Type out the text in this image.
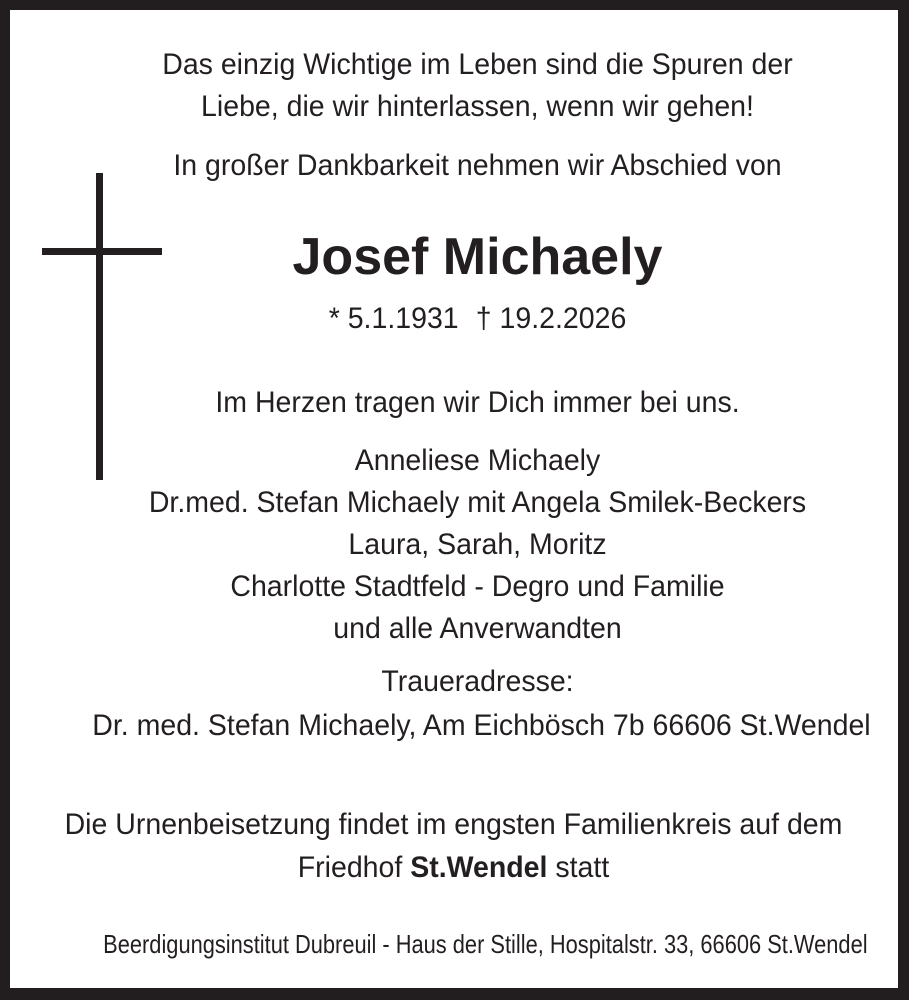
Das einzig Wichtige im Leben sind die Spuren der
Liebe, die wir hinterlassen, wenn wir gehen!
In großer Dankbarkeit nehmen wir Abschied von
Josef Michaely
* 5.1.1931 † 19.2.2026
Im Herzen tragen wir Dich immer bei uns.
Anneliese Michaely
Dr.med. Stefan Michaely mit Angela Smilek-Beckers
Laura, Sarah, Moritz
Charlotte Stadtfeld - Degro und Familie
und alle Anverwandten
Traueradresse:
Dr. med. Stefan Michaely, Am Eichbösch 7b 66606 St.Wendel
Die Urnenbeisetzung findet im engsten Familienkreis auf dem
Friedhof St.Wendel statt
Beerdigungsinstitut Dubreuil - Haus der Stille, Hospitalstr. 33, 66606 St.Wendel
